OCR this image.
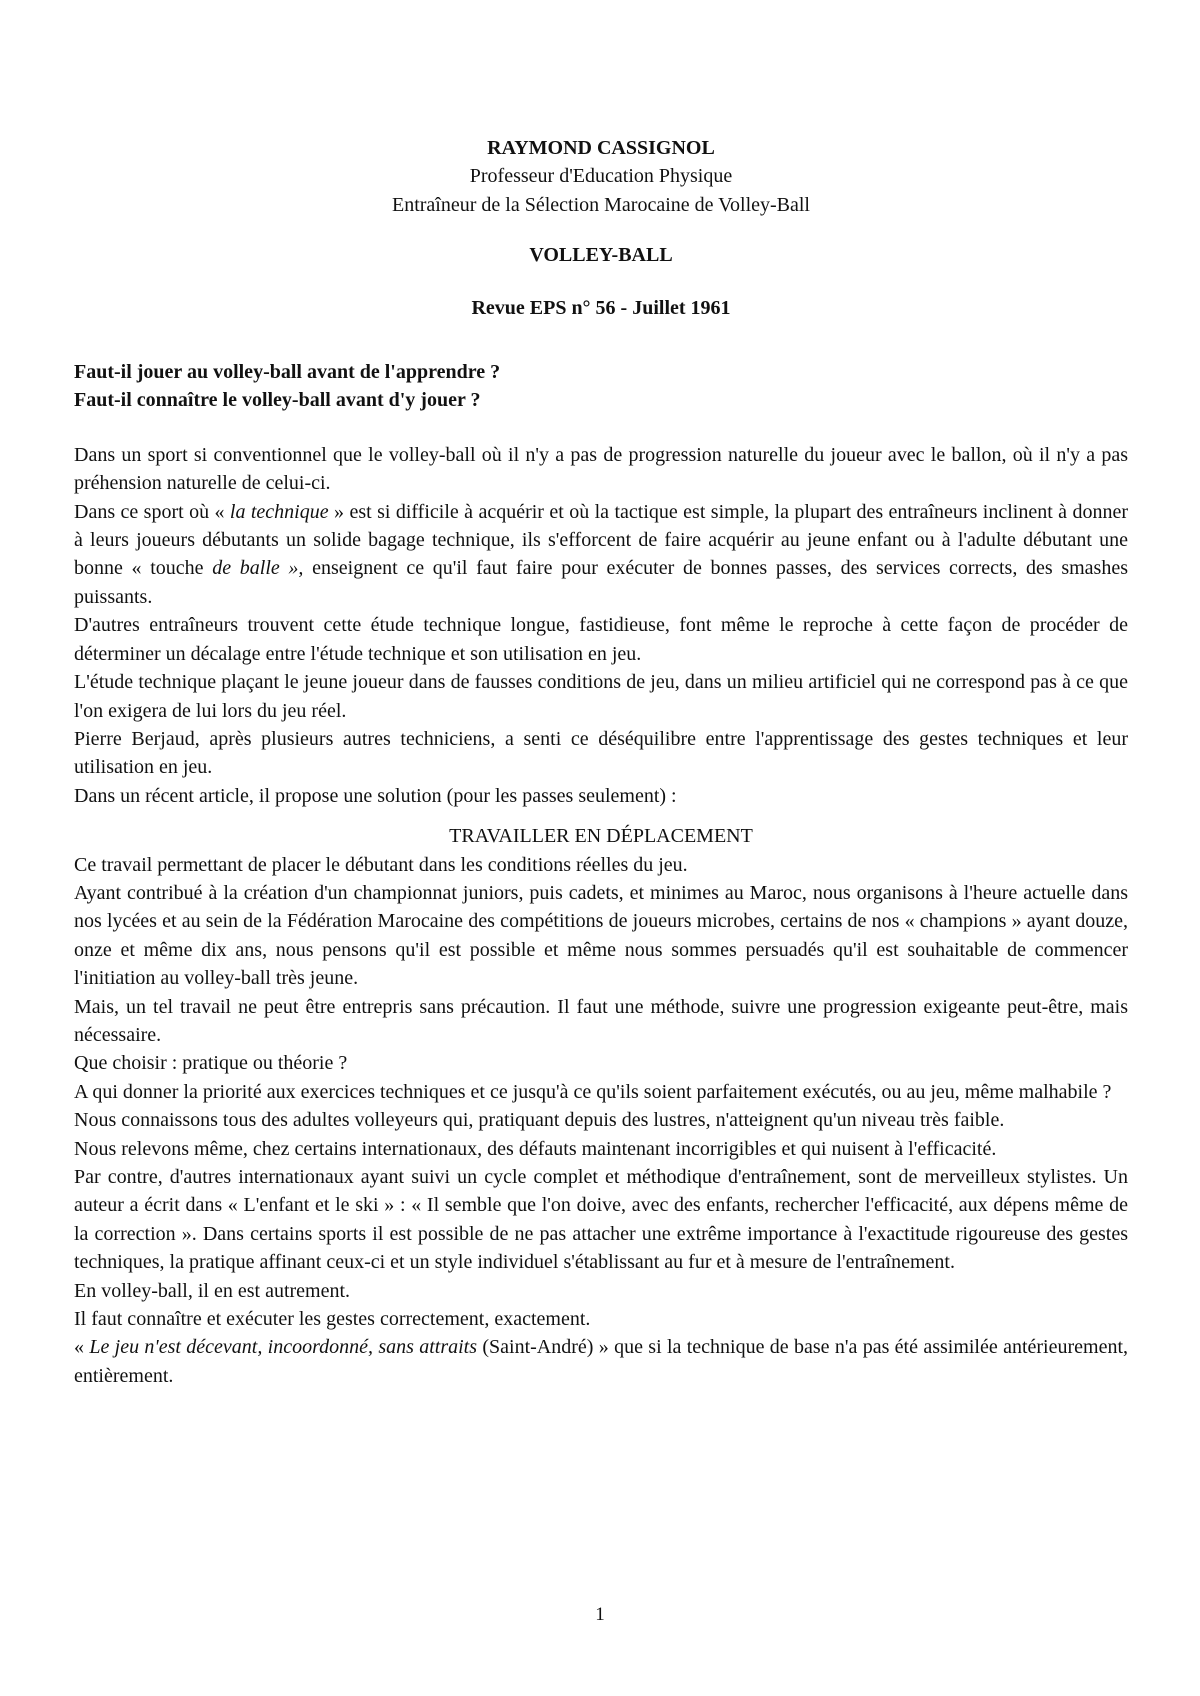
RAYMOND CASSIGNOL
Professeur d'Education Physique
Entraîneur de la Sélection Marocaine de Volley-Ball
VOLLEY-BALL
Revue EPS n° 56 - Juillet 1961
Faut-il jouer au volley-ball avant de l'apprendre ?
Faut-il connaître le volley-ball avant d'y jouer ?

Dans un sport si conventionnel que le volley-ball où il n'y a pas de progression naturelle du joueur avec le ballon, où il n'y a pas préhension naturelle de celui-ci.

Dans ce sport où « la technique » est si difficile à acquérir et où la tactique est simple, la plupart des entraîneurs inclinent à donner à leurs joueurs débutants un solide bagage technique, ils s'efforcent de faire acquérir au jeune enfant ou à l'adulte débutant une bonne « touche de balle », enseignent ce qu'il faut faire pour exécuter de bonnes passes, des services corrects, des smashes puissants.

D'autres entraîneurs trouvent cette étude technique longue, fastidieuse, font même le reproche à cette façon de procéder de déterminer un décalage entre l'étude technique et son utilisation en jeu.

L'étude technique plaçant le jeune joueur dans de fausses conditions de jeu, dans un milieu artificiel qui ne correspond pas à ce que l'on exigera de lui lors du jeu réel.

Pierre Berjaud, après plusieurs autres techniciens, a senti ce déséquilibre entre l'apprentissage des gestes techniques et leur utilisation en jeu.

Dans un récent article, il propose une solution (pour les passes seulement) :

TRAVAILLER EN DÉPLACEMENT

Ce travail permettant de placer le débutant dans les conditions réelles du jeu.

Ayant contribué à la création d'un championnat juniors, puis cadets, et minimes au Maroc, nous organisons à l'heure actuelle dans nos lycées et au sein de la Fédération Marocaine des compétitions de joueurs microbes, certains de nos « champions » ayant douze, onze et même dix ans, nous pensons qu'il est possible et même nous sommes persuadés qu'il est souhaitable de commencer l'initiation au volley-ball très jeune.

Mais, un tel travail ne peut être entrepris sans précaution. Il faut une méthode, suivre une progression exigeante peut-être, mais nécessaire.

Que choisir : pratique ou théorie ?

A qui donner la priorité aux exercices techniques et ce jusqu'à ce qu'ils soient parfaitement exécutés, ou au jeu, même malhabile ?

Nous connaissons tous des adultes volleyeurs qui, pratiquant depuis des lustres, n'atteignent qu'un niveau très faible.

Nous relevons même, chez certains internationaux, des défauts maintenant incorrigibles et qui nuisent à l'efficacité.

Par contre, d'autres internationaux ayant suivi un cycle complet et méthodique d'entraînement, sont de merveilleux stylistes. Un auteur a écrit dans « L'enfant et le ski » : « Il semble que l'on doive, avec des enfants, rechercher l'efficacité, aux dépens même de la correction ». Dans certains sports il est possible de ne pas attacher une extrême importance à l'exactitude rigoureuse des gestes techniques, la pratique affinant ceux-ci et un style individuel s'établissant au fur et à mesure de l'entraînement.

En volley-ball, il en est autrement.

Il faut connaître et exécuter les gestes correctement, exactement.

« Le jeu n'est décevant, incoordonné, sans attraits (Saint-André) » que si la technique de base n'a pas été assimilée antérieurement, entièrement.

1
